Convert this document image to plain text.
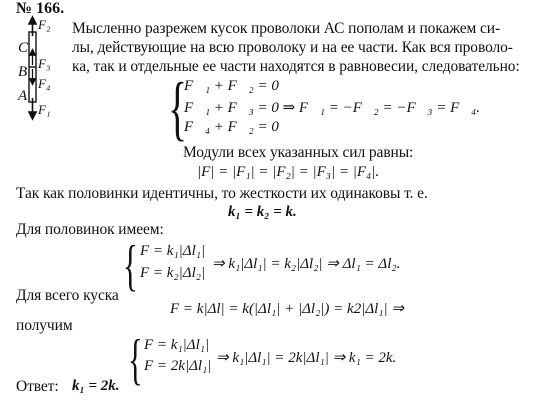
№ 166.
C
B
A
F₂
F₃
F₄
F₁
Мысленно разрежем кусок проволоки АС пополам и покажем си-
лы, действующие на всю проволоку и на ее части. Как вся проволо-
ка, так и отдельные ее части находятся в равновесии, следовательно:
{
F⃗₁ + F⃗₂ = 0
F⃗₁ + F⃗₃ = 0 ⇒ F⃗₁ = −F⃗₂ = −F⃗₃ = F⃗₄.
F⃗₄ + F⃗₂ = 0
Модули всех указанных сил равны:
|F| = |F₁| = |F₂| = |F₃| = |F₄|.
Так как половинки идентичны, то жесткости их одинаковы т. е.
k₁ = k₂ = k.
Для половинок имеем:
{ F = k₁|Δl₁|
F = k₂|Δl₂|
⇒ k₁|Δl₁| = k₂|Δl₂| ⇒ Δl₁ = Δl₂.
Для всего куска
F = k|Δl| = k(|Δl₁| + |Δl₂|) = k2|Δl₁| ⇒
получим
{ F = k₁|Δl₁|
F = 2k|Δl₁| ⇒ k₁|Δl₁| = 2k|Δl₁| ⇒ k₁ = 2k.
Ответ: k₁ = 2k.
